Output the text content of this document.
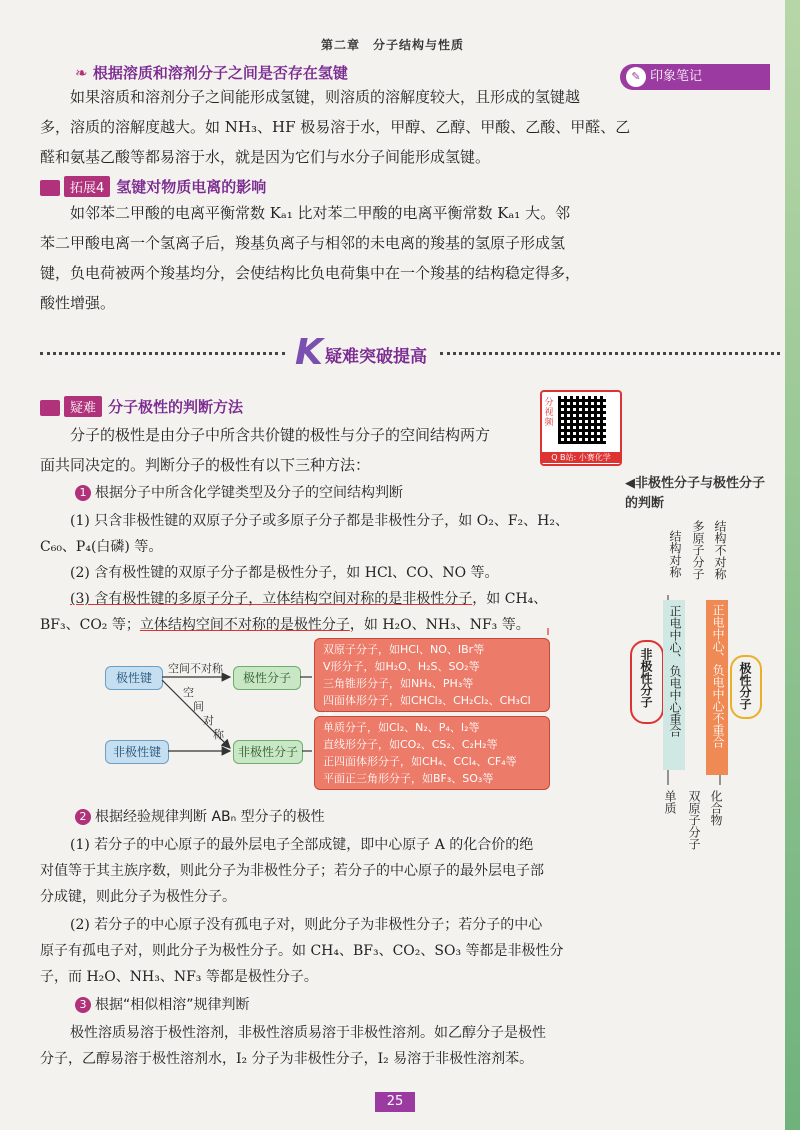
第二章　分子结构与性质
✎ 印象笔记
❧ 根据溶质和溶剂分子之间是否存在氢键
如果溶质和溶剂分子之间能形成氢键，则溶质的溶解度较大，且形成的氢键越
多，溶质的溶解度越大。如 NH₃、HF 极易溶于水，甲醇、乙醇、甲酸、乙酸、甲醛、乙
醛和氨基乙酸等都易溶于水，就是因为它们与水分子间能形成氢键。
拓展4 氢键对物质电离的影响
如邻苯二甲酸的电离平衡常数 Kₐ₁ 比对苯二甲酸的电离平衡常数 Kₐ₁ 大。邻
苯二甲酸电离一个氢离子后，羧基负离子与相邻的未电离的羧基的氢原子形成氢
键，负电荷被两个羧基均分，会使结构比负电荷集中在一个羧基的结构稳定得多，
酸性增强。
K 疑难突破提高
疑难 分子极性的判断方法	分视频
Q B站: 小赛化学
分子的极性是由分子中所含共价键的极性与分子的空间结构两方
面共同决定的。判断分子的极性有以下三种方法：
1 根据分子中所含化学键类型及分子的空间结构判断
(1) 只含非极性键的双原子分子或多原子分子都是非极性分子，如 O₂、F₂、H₂、
C₆₀、P₄(白磷) 等。
(2) 含有极性键的双原子分子都是极性分子，如 HCl、CO、NO 等。
(3) 含有极性键的多原子分子，立体结构空间对称的是非极性分子，如 CH₄、
BF₃、CO₂ 等；立体结构空间不对称的是极性分子，如 H₂O、NH₃、NF₃ 等。
极性键
非极性键
极性分子
非极性分子
空间不对称
空
间
对
称
双原子分子，如HCl、NO、IBr等
V形分子，如H₂O、H₂S、SO₂等
三角锥形分子，如NH₃、PH₃等
四面体形分子，如CHCl₃、CH₂Cl₂、CH₃Cl
单质分子，如Cl₂、N₂、P₄、I₂等
直线形分子，如CO₂、CS₂、C₂H₂等
正四面体形分子，如CH₄、CCl₄、CF₄等
平面正三角形分子，如BF₃、SO₃等
2 根据经验规律判断 ABₙ 型分子的极性
(1) 若分子的中心原子的最外层电子全部成键，即中心原子 A 的化合价的绝
对值等于其主族序数，则此分子为非极性分子；若分子的中心原子的最外层电子部
分成键，则此分子为极性分子。
(2) 若分子的中心原子没有孤电子对，则此分子为非极性分子；若分子的中心
原子有孤电子对，则此分子为极性分子。如 CH₄、BF₃、CO₂、SO₃ 等都是非极性分
子，而 H₂O、NH₃、NF₃ 等都是极性分子。
3 根据“相似相溶”规律判断
极性溶质易溶于极性溶剂，非极性溶质易溶于非极性溶剂。如乙醇分子是极性
分子，乙醇易溶于极性溶剂水，I₂ 分子为非极性分子，I₂ 易溶于非极性溶剂苯。
◀非极性分子与极性分子的判断
非极性分子	极性分子
正电中心、负电中心重合 正电中心、负电中心不重合
结构对称 多原子分子 结构不对称
单质 双原子分子 化合物
25
